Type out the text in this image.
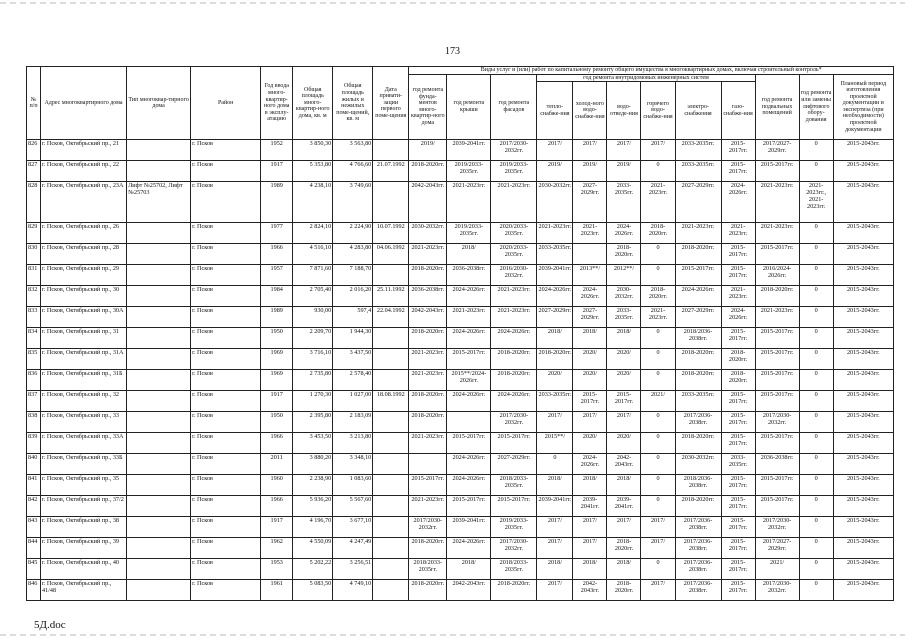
173
№ п/п	Адрес многоквартирного дома	Тип многоквар-тирного дома	Район	Год ввода много-квартир-ного дома в эксплу-атацию	Общая площадь много-квартир-ного дома, кв. м	Общая площадь жилых и нежилых поме-щений, кв. м	Дата привати-зации первого поме-щения	Виды услуг и (или) работ по капитальному ремонту общего имущества в многоквартирных домах, включая строительный контроль*											
								год ремонта фунда-ментов много-квартир-ного дома	год ремонта крыши	год ремонта фасадов	год ремонта внутридомовых инженерных систем						год ремонта подвальных помещений	год ремонта или замены лифтового обору-дования	Плановый период изготовления проектной документации и экспертиза (при необходимости) проектной документации
											тепло-снабже-ния	холод-ного водо-снабже-ния	водо-отведе-ния	горячего водо-снабже-ния	электро-снабжения	газо-снабже-ния			
826	г. Псков, Октябрьский пр., 21		г. Псков	1952	3 850,30	3 563,80		2019/	2039-2041гг.	2017/2030-2032гг.	2017/	2017/	2017/	2017/	2033-2035гг.	2015-2017гг.	2017/2027-2029гг.	0	2015-2043гг.
827	г. Псков, Октябрьский пр., 22		г. Псков	1917	5 353,80	4 766,60	21.07.1992	2018-2020гг.	2019/2033-2035гг.	2019/2033-2035гг.	2019/	2019/	2019/	0	2033-2035гг.	2015-2017гг.	2015-2017гг.	0	2015-2043гг.
828	г. Псков, Октябрьский пр., 23А	Лифт №25702, Лифт №25703	г. Псков	1989	4 238,10	3 749,60		2042-2043гг.	2021-2023гг.	2021-2023гг.	2030-2032гг.	2027-2029гг.	2033-2035гг.	2021-2023гг.	2027-2029гг.	2024-2026гг.	2021-2023гг.	2021-2023гг., 2021-2023гг.	2015-2043гг.
829	г. Псков, Октябрьский пр., 26		г. Псков	1977	2 824,10	2 224,90	10.07.1992	2030-2032гг.	2019/2033-2035гг.	2020/2033-2035гг.	2021-2023гг.	2021-2023гг.	2024-2026гг.	2018-2020гг.	2021-2023гг.	2021-2023гг.	2021-2023гг.	0	2015-2043гг.
830	г. Псков, Октябрьский пр., 28		г. Псков	1966	4 516,10	4 283,80	04.06.1992	2021-2023гг.	2018/	2020/2033-2035гг.	2033-2035гг.		2018-2020гг.	0	2018-2020гг.	2015-2017гг.	2015-2017гг.	0	2015-2043гг.
831	г. Псков, Октябрьский пр., 29		г. Псков	1957	7 871,60	7 188,70		2018-2020гг.	2036-2038гг.	2016/2030-2032гг.	2039-2041гг.	2013**/	2012**/	0	2015-2017гг.	2015-2017гг.	2016/2024-2026гг.	0	2015-2043гг.
832	г. Псков, Октябрьский пр., 30		г. Псков	1984	2 705,40	2 016,20	25.11.1992	2036-2038гг.	2024-2026гг.	2021-2023гг.	2024-2026гг.	2024-2026гг.	2030-2032гг.	2018-2020гг.	2024-2026гг.	2021-2023гг.	2018-2020гг.	0	2015-2043гг.
833	г. Псков, Октябрьский пр., 30А		г. Псков	1989	930,00	597,4	22.04.1992	2042-2043гг.	2021-2023гг.	2021-2023гг.	2027-2029гг.	2027-2029гг.	2033-2035гг.	2021-2023гг.	2027-2029гг.	2024-2026гг.	2021-2023гг.	0	2015-2043гг.
834	г. Псков, Октябрьский пр., 31		г. Псков	1950	2 209,70	1 944,30		2018-2020гг.	2024-2026гг.	2024-2026гг.	2018/	2018/	2018/	0	2018/2036-2038гг.	2015-2017гг.	2015-2017гг.	0	2015-2043гг.
835	г. Псков, Октябрьский пр., 31А		г. Псков	1969	3 716,10	3 437,50		2021-2023гг.	2015-2017гг.	2018-2020гг.	2018-2020гг.	2020/	2020/	0	2018-2020гг.	2018-2020гг.	2015-2017гг.	0	2015-2043гг.
836	г. Псков, Октябрьский пр., 31Б		г. Псков	1969	2 735,80	2 578,40		2021-2023гг.	2015**/2024-2026гг.	2018-2020гг.	2020/	2020/	2020/	0	2018-2020гг.	2018-2020гг.	2015-2017гг.	0	2015-2043гг.
837	г. Псков, Октябрьский пр., 32		г. Псков	1917	1 270,30	1 027,00	18.08.1992	2018-2020гг.	2024-2026гг.	2024-2026гг.	2033-2035гг.	2015-2017гг.	2015-2017гг.	2021/	2033-2035гг.	2015-2017гг.	2015-2017гг.	0	2015-2043гг.
838	г. Псков, Октябрьский пр., 33		г. Псков	1950	2 395,80	2 183,09		2018-2020гг.		2017/2030-2032гг.	2017/	2017/	2017/	0	2017/2036-2038гг.	2015-2017гг.	2017/2030-2032гг.	0	2015-2043гг.
839	г. Псков, Октябрьский пр., 33А		г. Псков	1966	3 453,50	3 213,80		2021-2023гг.	2015-2017гг.	2015-2017гг.	2015**/	2020/	2020/	0	2018-2020гг.	2015-2017гг.	2015-2017гг.	0	2015-2043гг.
840	г. Псков, Октябрьский пр., 33Б		г. Псков	2011	3 880,20	3 348,10			2024-2026гг.	2027-2029гг.	0	2024-2026гг.	2042-2043гг.	0	2030-2032гг.	2033-2035гг.	2036-2038гг.	0	2015-2043гг.
841	г. Псков, Октябрьский пр., 35		г. Псков	1960	2 238,90	1 083,60		2015-2017гг.	2024-2026гг.	2018/2033-2035гг.	2018/	2018/	2018/	0	2018/2036-2038гг.	2015-2017гг.	2015-2017гг.	0	2015-2043гг.
842	г. Псков, Октябрьский пр., 37/2		г. Псков	1966	5 936,20	5 567,60		2021-2023гг.	2015-2017гг.	2015-2017гг.	2039-2041гг.	2039-2041гг.	2039-2041гг.	0	2018-2020гг.	2015-2017гг.	2015-2017гг.	0	2015-2043гг.
843	г. Псков, Октябрьский пр., 38		г. Псков	1917	4 196,70	3 677,10		2017/2030-2032гг.	2039-2041гг.	2019/2033-2035гг.	2017/	2017/	2017/	2017/	2017/2036-2038гг.	2015-2017гг.	2017/2030-2032гг.	0	2015-2043гг.
844	г. Псков, Октябрьский пр., 39		г. Псков	1962	4 550,09	4 247,49		2018-2020гг.	2024-2026гг.	2017/2030-2032гг.	2017/	2017/	2018-2020гг.	2017/	2017/2036-2038гг.	2015-2017гг.	2017/2027-2029гг.	0	2015-2043гг.
845	г. Псков, Октябрьский пр., 40		г. Псков	1953	5 202,22	3 256,51		2018/2033-2035гг.	2018/	2018/2033-2035гг.	2018/	2018/	2018/	0	2017/2036-2038гг.	2015-2017гг.	2021/	0	2015-2043гг.
846	г. Псков, Октябрьский пр., 41/48		г. Псков	1961	5 083,50	4 749,10		2018-2020гг.	2042-2043гг.	2018-2020гг.	2017/	2042-2043гг.	2018-2020гг.	2017/	2017/2036-2038гг.	2015-2017гг.	2017/2030-2032гг.	0	2015-2043гг.
5Д.doc
